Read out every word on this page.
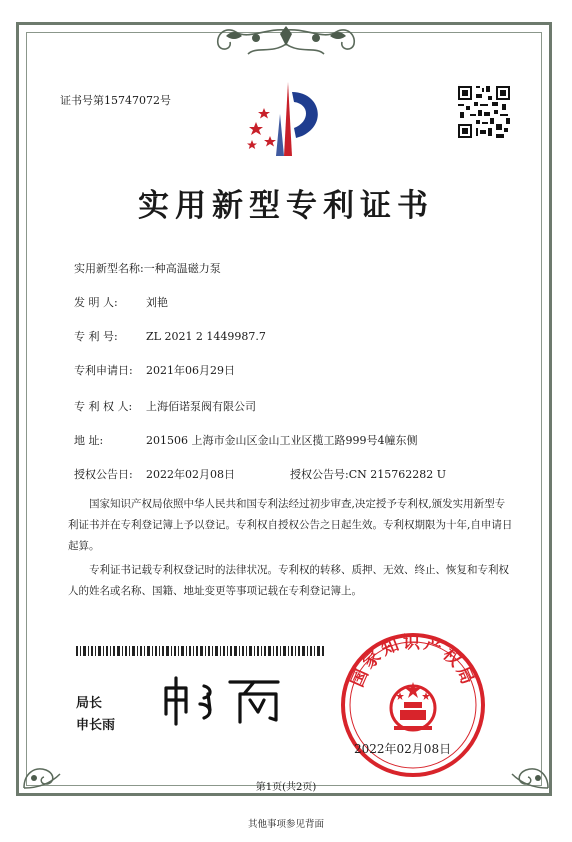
证书号第15747072号
实用新型专利证书
实用新型名称:一种高温磁力泵
发 明 人:	刘艳
专 利 号:	ZL 2021 2 1449987.7
专利申请日: 2021年06月29日
专 利 权 人: 上海佰诺泵阀有限公司
地 址:	201506 上海市金山区金山工业区揽工路999号4幢东侧
授权公告日: 2022年02月08日	授权公告号:CN 215762282 U
国家知识产权局依照中华人民共和国专利法经过初步审查,决定授予专利权,颁发实用新型专利证书并在专利登记簿上予以登记。专利权自授权公告之日起生效。专利权期限为十年,自申请日起算。
专利证书记载专利权登记时的法律状况。专利权的转移、质押、无效、终止、恢复和专利权人的姓名或名称、国籍、地址变更等事项记载在专利登记簿上。
局长
申长雨
国家知识产权局
2022年02月08日
第1页(共2页)
其他事项参见背面
